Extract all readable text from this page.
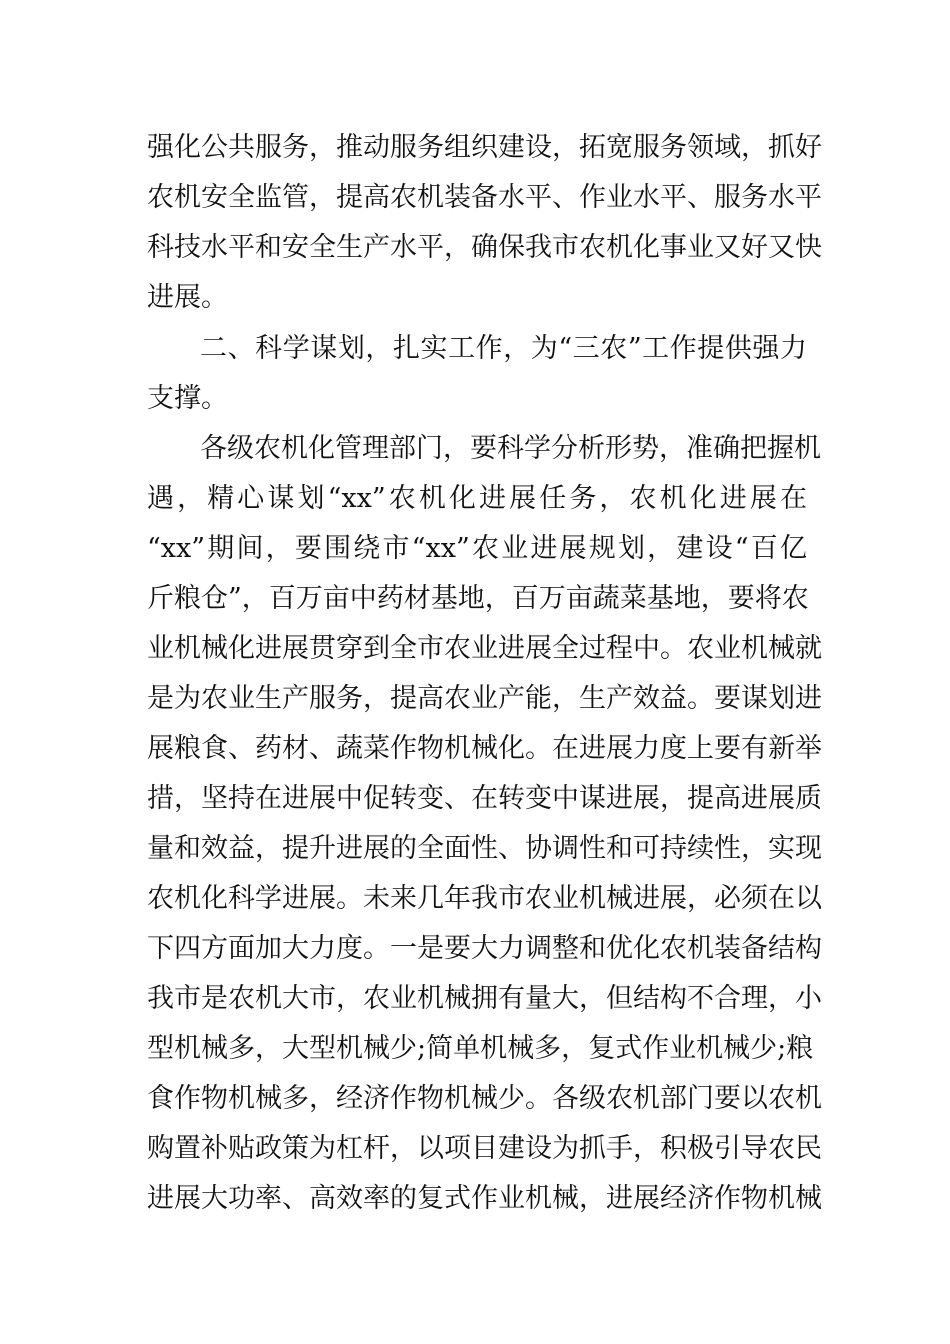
强化公共服务，推动服务组织建设，拓宽服务领域，抓好
农机安全监管，提高农机装备水平、作业水平、服务水平
科技水平和安全生产水平，确保我市农机化事业又好又快
进展。
二、科学谋划，扎实工作，为“三农”工作提供强力
支撑。
各级农机化管理部门，要科学分析形势，准确把握机
遇，精心谋划“xx”农机化进展任务，农机化进展在
“xx”期间，要围绕市“xx”农业进展规划，建设“百亿
斤粮仓”，百万亩中药材基地，百万亩蔬菜基地，要将农
业机械化进展贯穿到全市农业进展全过程中。农业机械就
是为农业生产服务，提高农业产能，生产效益。要谋划进
展粮食、药材、蔬菜作物机械化。在进展力度上要有新举
措，坚持在进展中促转变、在转变中谋进展，提高进展质
量和效益，提升进展的全面性、协调性和可持续性，实现
农机化科学进展。未来几年我市农业机械进展，必须在以
下四方面加大力度。一是要大力调整和优化农机装备结构
我市是农机大市，农业机械拥有量大，但结构不合理，小
型机械多，大型机械少;简单机械多，复式作业机械少;粮
食作物机械多，经济作物机械少。各级农机部门要以农机
购置补贴政策为杠杆，以项目建设为抓手，积极引导农民
进展大功率、高效率的复式作业机械，进展经济作物机械
